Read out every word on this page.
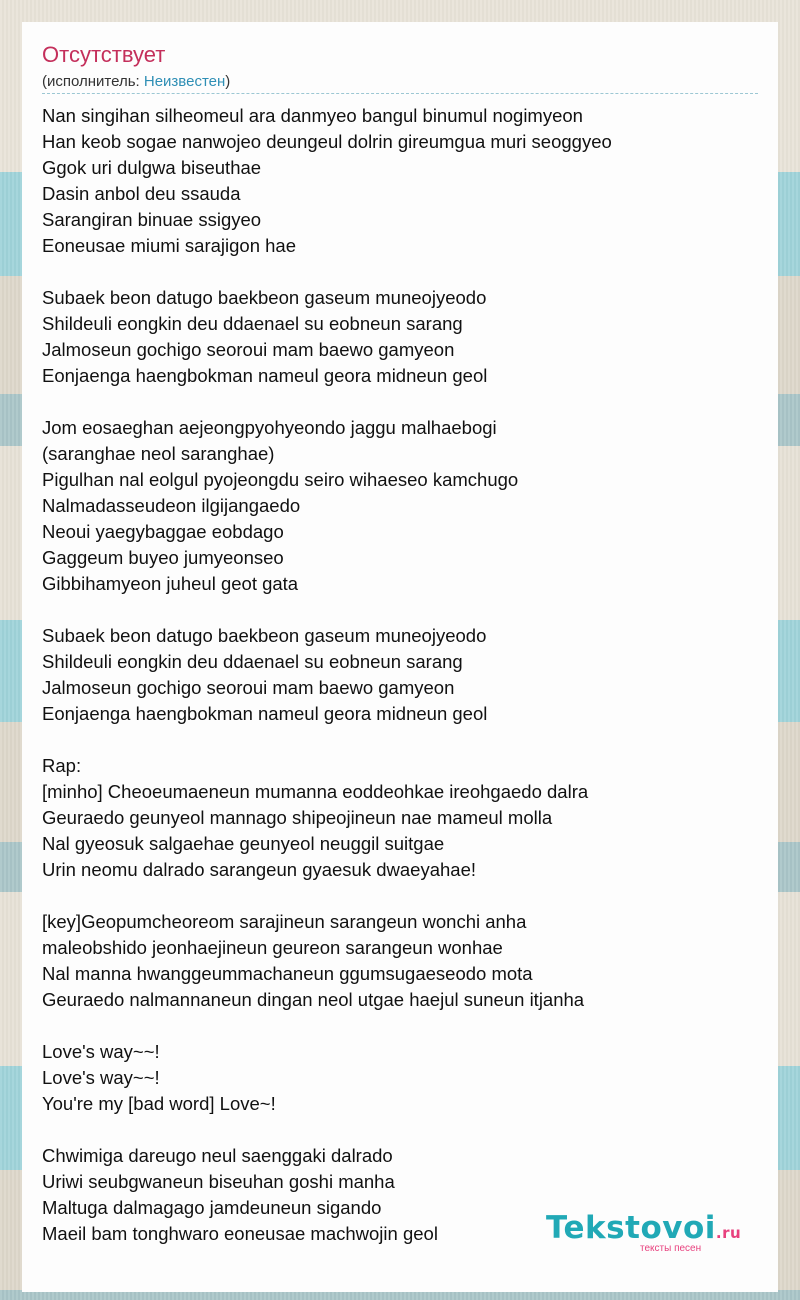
Отсутствует
(исполнитель: Неизвестен)
Nan singihan silheomeul ara danmyeo bangul binumul nogimyeon
Han keob sogae nanwojeo deungeul dolrin gireumgua muri seoggyeo
Ggok uri dulgwa biseuthae
Dasin anbol deu ssauda
Sarangiran binuae ssigyeo
Eoneusae miumi sarajigon hae
Subaek beon datugo baekbeon gaseum muneojyeodo
Shildeuli eongkin deu ddaenael su eobneun sarang
Jalmoseun gochigo seoroui mam baewo gamyeon
Eonjaenga haengbokman nameul geora midneun geol
Jom eosaeghan aejeongpyohyeondo jaggu malhaebogi
(saranghae neol saranghae)
Pigulhan nal eolgul pyojeongdu seiro wihaeseo kamchugo
Nalmadasseudeon ilgijangaedo
Neoui yaegybaggae eobdago
Gaggeum buyeo jumyeonseo
Gibbihamyeon juheul geot gata
Subaek beon datugo baekbeon gaseum muneojyeodo
Shildeuli eongkin deu ddaenael su eobneun sarang
Jalmoseun gochigo seoroui mam baewo gamyeon
Eonjaenga haengbokman nameul geora midneun geol
Rap:
[minho] Cheoeumaeneun mumanna eoddeohkae ireohgaedo dalra
Geuraedo geunyeol mannago shipeojineun nae mameul molla
Nal gyeosuk salgaehae geunyeol neuggil suitgae
Urin neomu dalrado sarangeun gyaesuk dwaeyahae!
[key]Geopumcheoreom sarajineun sarangeun wonchi anha
maleobshido jeonhaejineun geureon sarangeun wonhae
Nal manna hwanggeummachaneun ggumsugaeseodo mota
Geuraedo nalmannaneun dingan neol utgae haejul suneun itjanha
Love's way~~!
Love's way~~!
You're my [bad word] Love~!
Chwimiga dareugo neul saenggaki dalrado
Uriwi seubgwaneun biseuhan goshi manha
Maltuga dalmagago jamdeuneun sigando
Maeil bam tonghwaro eoneusae machwojin geol	Tekstovoi.ru
тексты песен
